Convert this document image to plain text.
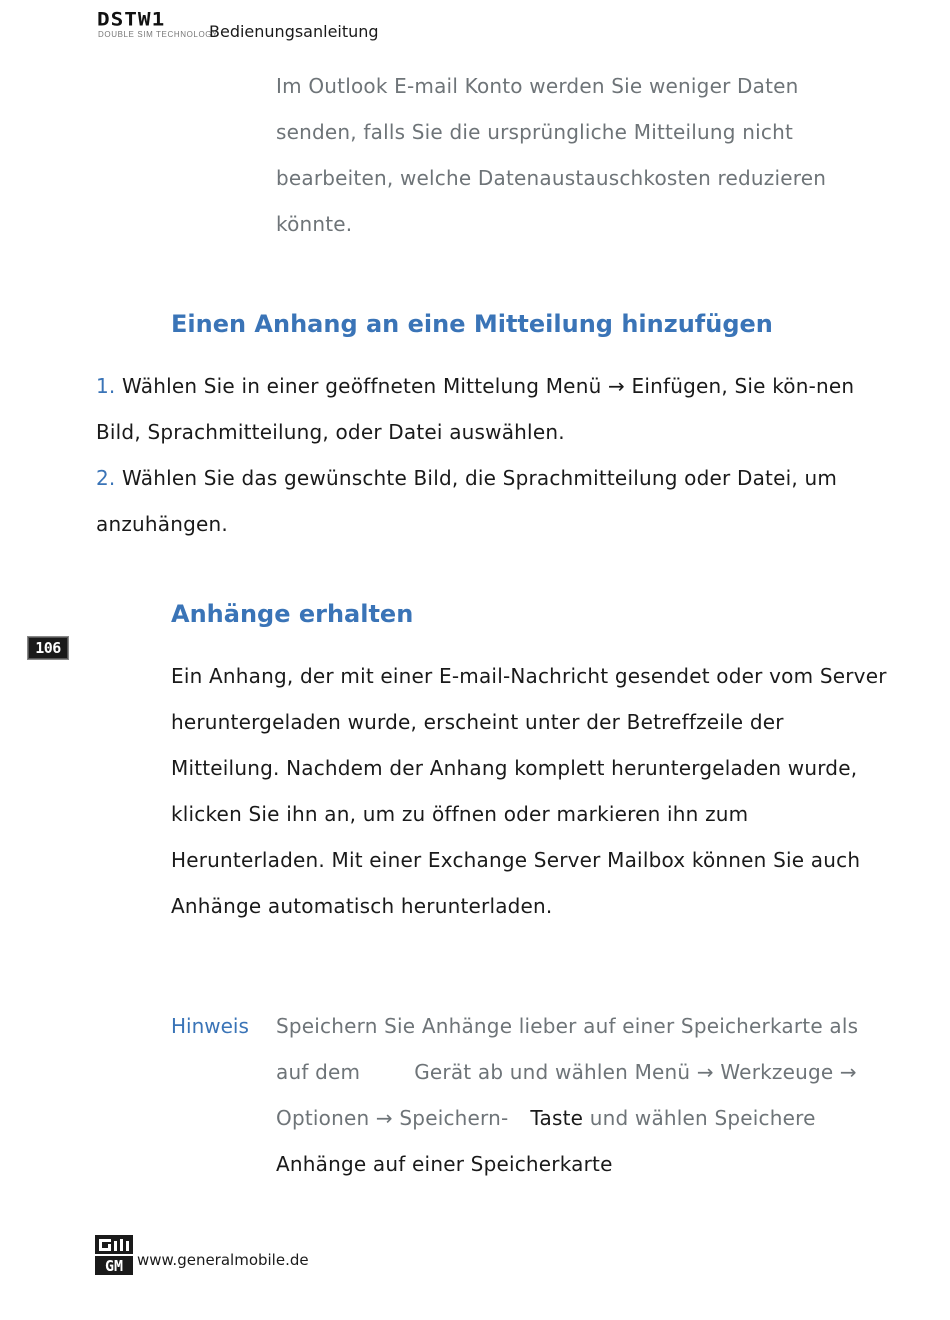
DSTW1
DOUBLE SIM TECHNOLOGY
Bedienungsanleitung

Im Outlook E-mail Konto werden Sie weniger Daten senden, falls Sie die ursprüngliche Mitteilung nicht bearbeiten, welche Datenaustauschkosten reduzieren könnte.

Einen Anhang an eine Mitteilung hinzufügen

1. Wählen Sie in einer geöffneten Mittelung Menü → Einfügen, Sie kön-nen Bild, Sprachmitteilung, oder Datei auswählen.
2. Wählen Sie das gewünschte Bild, die Sprachmitteilung oder Datei, um anzuhängen.

Anhänge erhalten

Ein Anhang, der mit einer E-mail-Nachricht gesendet oder vom Server heruntergeladen wurde, erscheint unter der Betreffzeile der Mitteilung. Nachdem der Anhang komplett heruntergeladen wurde, klicken Sie ihn an, um zu öffnen oder markieren ihn zum Herunterladen. Mit einer Exchange Server Mailbox können Sie auch Anhänge automatisch herunterladen.

Hinweis Speichern Sie Anhänge lieber auf einer Speicherkarte als auf dem	Gerät ab und wählen Menü → Werkzeuge → Optionen → Speichern- Taste und wählen Speichere Anhänge auf einer Speicherkarte

106
GM www.generalmobile.de
